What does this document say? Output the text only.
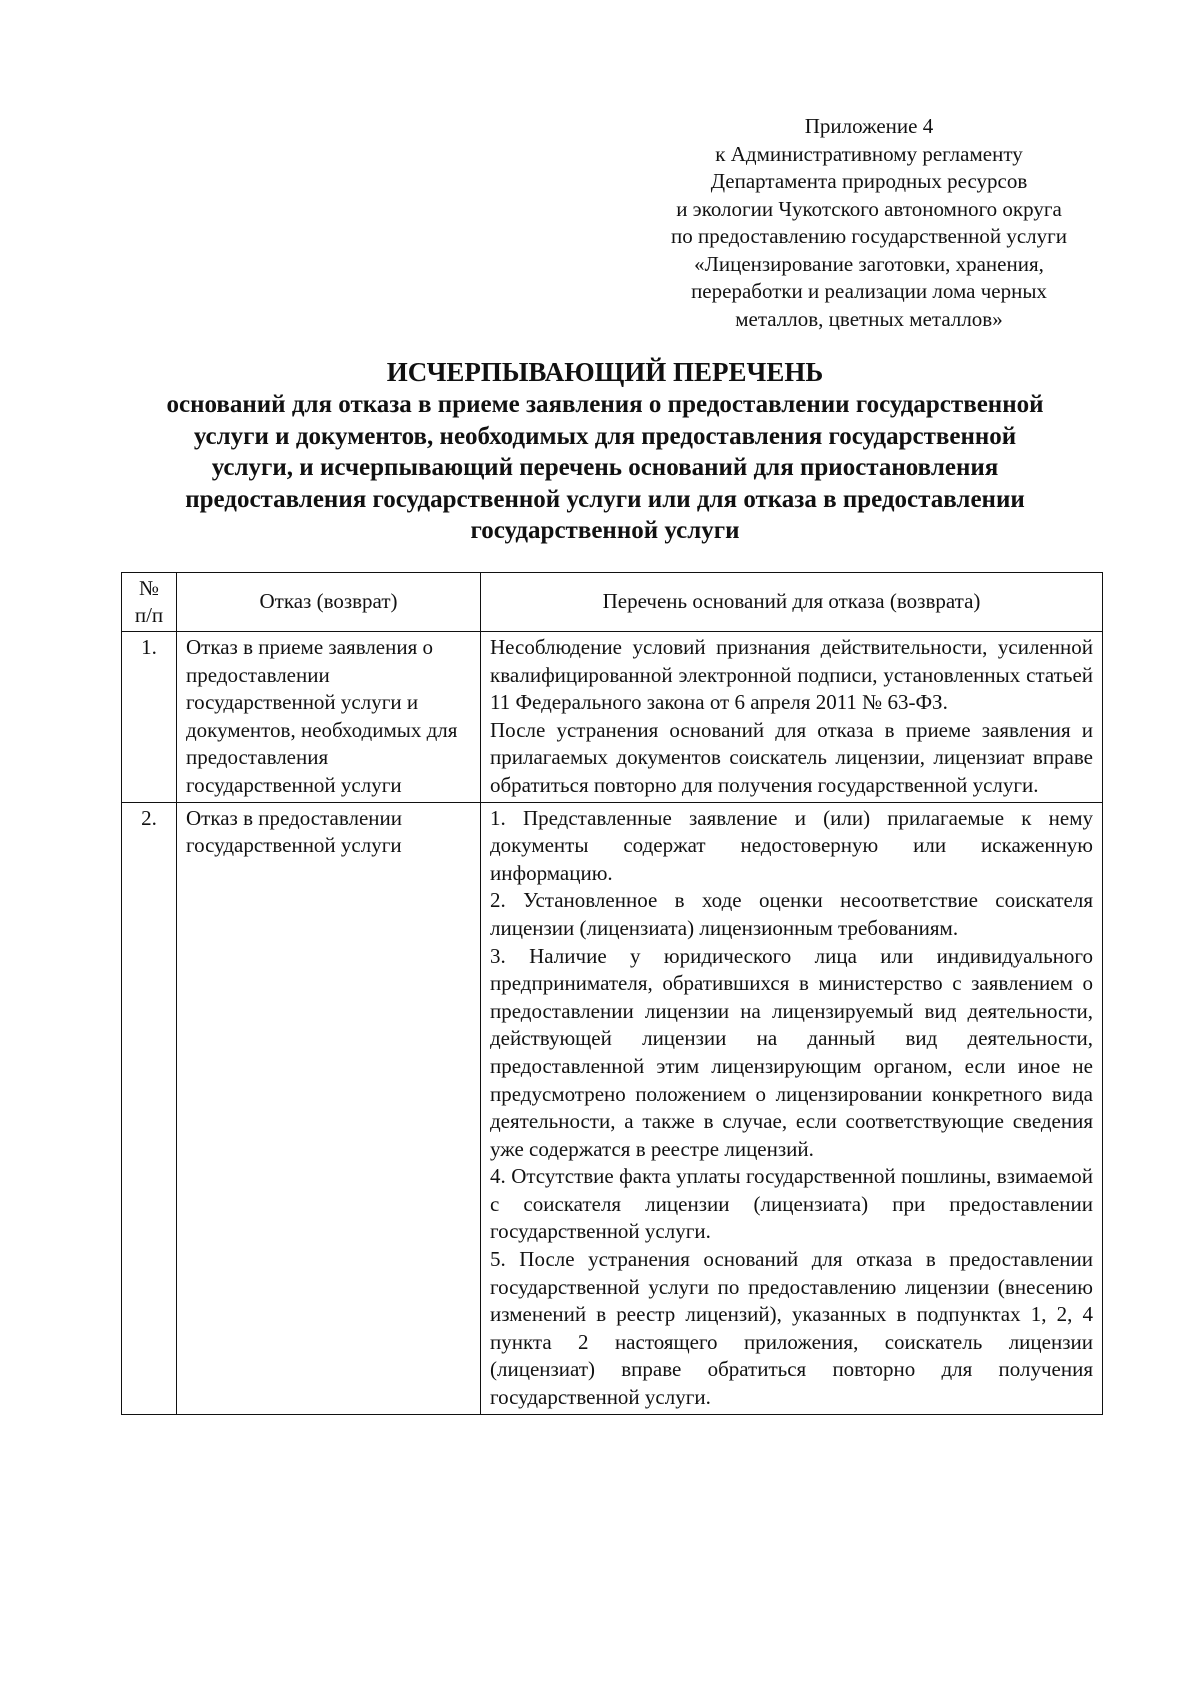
Приложение 4
к Административному регламенту
Департамента природных ресурсов
и экологии Чукотского автономного округа
по предоставлению государственной услуги
«Лицензирование заготовки, хранения,
переработки и реализации лома черных
металлов, цветных металлов»
ИСЧЕРПЫВАЮЩИЙ ПЕРЕЧЕНЬ
оснований для отказа в приеме заявления о предоставлении государственной
услуги и документов, необходимых для предоставления государственной
услуги, и исчерпывающий перечень оснований для приостановления
предоставления государственной услуги или для отказа в предоставлении
государственной услуги
№
п/п	Отказ (возврат)	Перечень оснований для отказа (возврата)
1.	Отказ в приеме заявления о предоставлении государственной услуги и документов, необходимых для предоставления государственной услуги	Несоблюдение условий признания действительности, усиленной квалифицированной электронной подписи, установленных статьей 11 Федерального закона от 6 апреля 2011 № 63-ФЗ.

После устранения оснований для отказа в приеме заявления и прилагаемых документов соискатель лицензии, лицензиат вправе обратиться повторно для получения государственной услуги.

2.	Отказ в предоставлении государственной услуги	1. Представленные заявление и (или) прилагаемые к нему документы содержат недостоверную или искаженную информацию.

2. Установленное в ходе оценки несоответствие соискателя лицензии (лицензиата) лицензионным требованиям.

3. Наличие у юридического лица или индивидуального предпринимателя, обратившихся в министерство с заявлением о предоставлении лицензии на лицензируемый вид деятельности, действующей лицензии на данный вид деятельности, предоставленной этим лицензирующим органом, если иное не предусмотрено положением о лицензировании конкретного вида деятельности, а также в случае, если соответствующие сведения уже содержатся в реестре лицензий.

4. Отсутствие факта уплаты государственной пошлины, взимаемой с соискателя лицензии (лицензиата) при предоставлении государственной услуги.

5. После устранения оснований для отказа в предоставлении государственной услуги по предоставлению лицензии (внесению изменений в реестр лицензий), указанных в подпунктах 1, 2, 4 пункта 2 настоящего приложения, соискатель лицензии (лицензиат) вправе обратиться повторно для получения государственной услуги.
